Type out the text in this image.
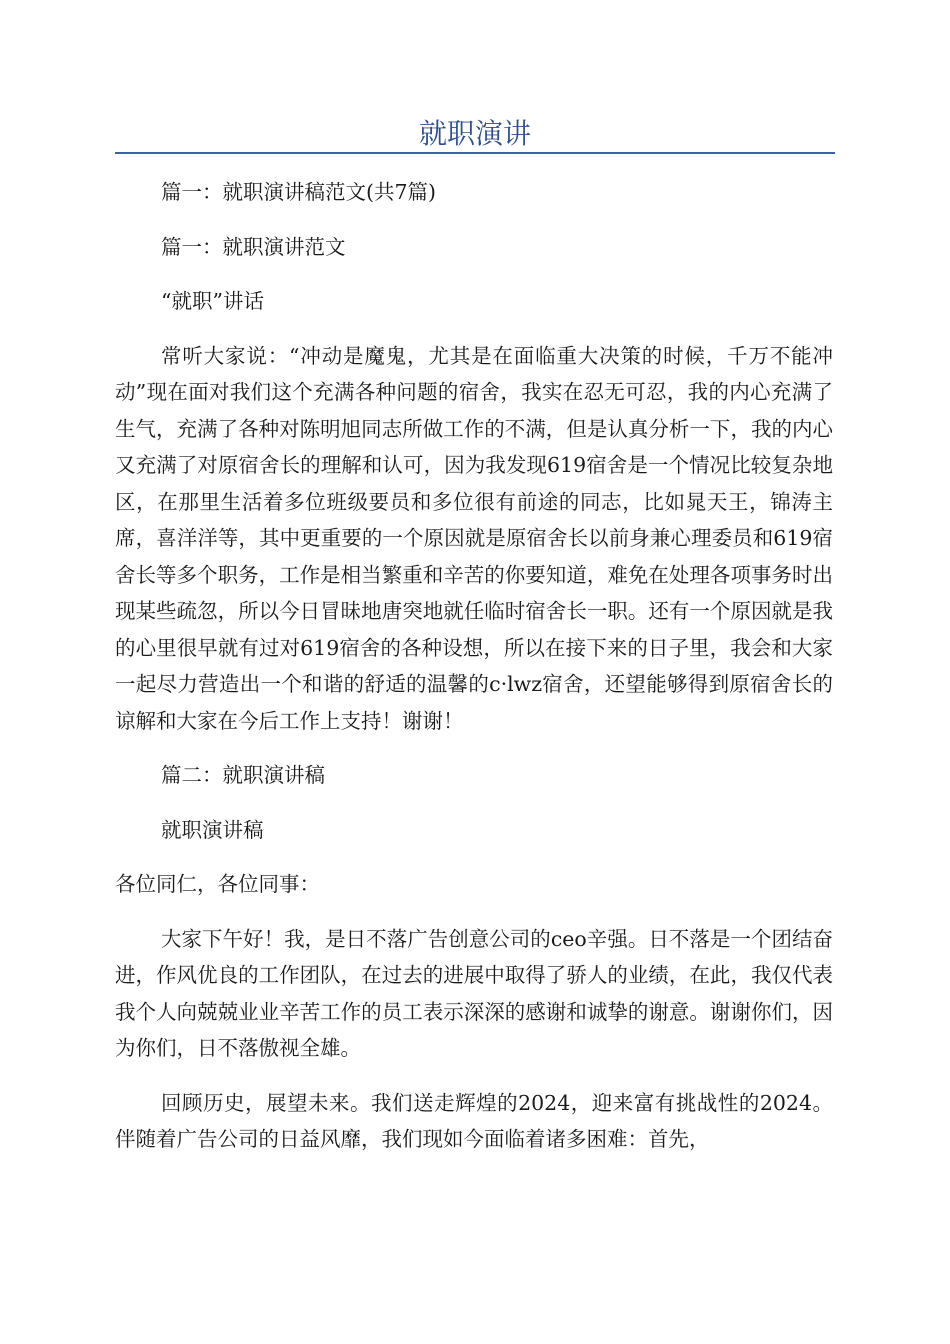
就职演讲

篇一：就职演讲稿范文(共7篇)

篇一：就职演讲范文

“就职”讲话

常听大家说：“冲动是魔鬼，尤其是在面临重大决策的时候，千万不能冲动”现在面对我们这个充满各种问题的宿舍，我实在忍无可忍，我的内心充满了生气，充满了各种对陈明旭同志所做工作的不满，但是认真分析一下，我的内心又充满了对原宿舍长的理解和认可，因为我发现619宿舍是一个情况比较复杂地区，在那里生活着多位班级要员和多位很有前途的同志，比如晁天王，锦涛主席，喜洋洋等，其中更重要的一个原因就是原宿舍长以前身兼心理委员和619宿舍长等多个职务，工作是相当繁重和辛苦的你要知道，难免在处理各项事务时出现某些疏忽，所以今日冒昧地唐突地就任临时宿舍长一职。还有一个原因就是我的心里很早就有过对619宿舍的各种设想，所以在接下来的日子里，我会和大家一起尽力营造出一个和谐的舒适的温馨的c·lwz宿舍，还望能够得到原宿舍长的谅解和大家在今后工作上支持！谢谢！

篇二：就职演讲稿

就职演讲稿

各位同仁，各位同事：

大家下午好！我，是日不落广告创意公司的ceo辛强。日不落是一个团结奋进，作风优良的工作团队，在过去的进展中取得了骄人的业绩，在此，我仅代表我个人向兢兢业业辛苦工作的员工表示深深的感谢和诚挚的谢意。谢谢你们，因为你们，日不落傲视全雄。

回顾历史，展望未来。我们送走辉煌的2024，迎来富有挑战性的2024。伴随着广告公司的日益风靡，我们现如今面临着诸多困难：首先，
